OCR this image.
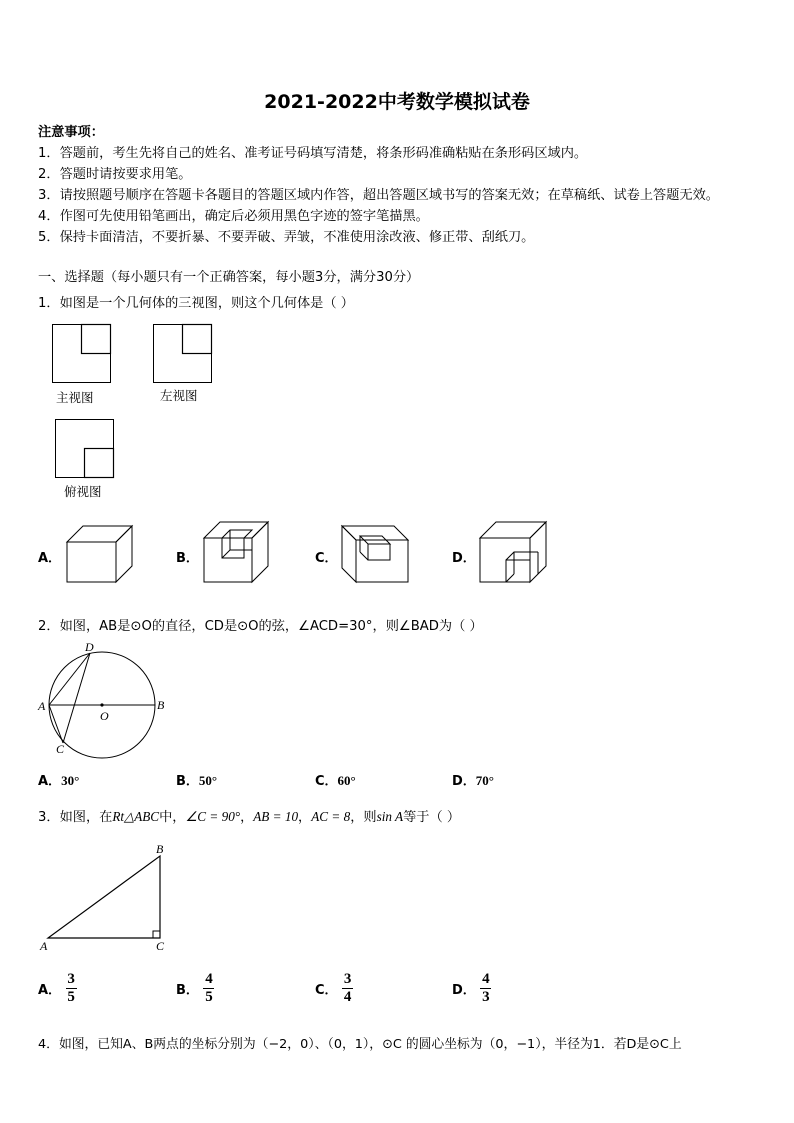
2021-2022中考数学模拟试卷
注意事项：
1．答题前，考生先将自己的姓名、准考证号码填写清楚，将条形码准确粘贴在条形码区域内。
2．答题时请按要求用笔。
3．请按照题号顺序在答题卡各题目的答题区域内作答，超出答题区域书写的答案无效；在草稿纸、试卷上答题无效。
4．作图可先使用铅笔画出，确定后必须用黑色字迹的签字笔描黑。
5．保持卡面清洁，不要折暴、不要弄破、弄皱，不准使用涂改液、修正带、刮纸刀。
一、选择题（每小题只有一个正确答案，每小题3分，满分30分）
1．如图是一个几何体的三视图，则这个几何体是（ ）
主视图	左视图
俯视图
A．	B．	C．	D．
2．如图，AB是⊙O的直径，CD是⊙O的弦，∠ACD=30°，则∠BAD为（ ）
D
A
O
B
C
A．30°	B．50°	C．60°	D．70°
3．如图，在Rt△ABC中，∠C = 90°，AB = 10，AC = 8，则sin A等于（ ）
B
A	C
A． $\frac{3}{5}$	B． $\frac{4}{5}$	C． $\frac{3}{4}$	D． $\frac{4}{3}$
4．如图，已知A、B两点的坐标分别为（−2，0）、（0，1），⊙C 的圆心坐标为（0，−1），半径为1．若D是⊙C上
